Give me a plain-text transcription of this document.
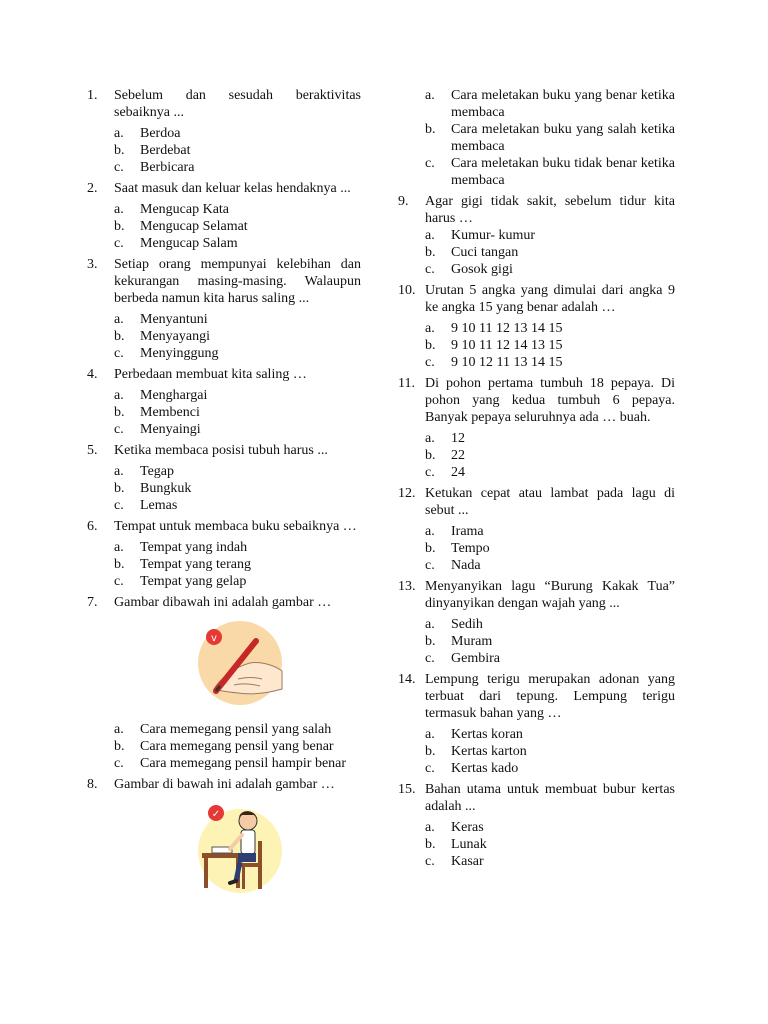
1. Sebelum dan sesudah beraktivitas sebaiknya ...
a. Berdoa
b. Berdebat
c. Berbicara
2. Saat masuk dan keluar kelas hendaknya ...
a. Mengucap Kata
b. Mengucap Selamat
c. Mengucap Salam
3. Setiap orang mempunyai kelebihan dan kekurangan masing-masing. Walaupun berbeda namun kita harus saling ...
a. Menyantuni
b. Menyayangi
c. Menyinggung
4. Perbedaan membuat kita saling …
a. Menghargai
b. Membenci
c. Menyaingi
5. Ketika membaca posisi tubuh harus ...
a. Tegap
b. Bungkuk
c. Lemas
6. Tempat untuk membaca buku sebaiknya …
a. Tempat yang indah
b. Tempat yang terang
c. Tempat yang gelap
7. Gambar dibawah ini adalah gambar …
v
a. Cara memegang pensil yang salah
b. Cara memegang pensil yang benar
c. Cara memegang pensil hampir benar
8. Gambar di bawah ini adalah gambar …
✓
a. Cara meletakan buku yang benar ketika membaca
b. Cara meletakan buku yang salah ketika membaca
c. Cara meletakan buku tidak benar ketika membaca
9. Agar gigi tidak sakit, sebelum tidur kita harus …
a. Kumur- kumur
b. Cuci tangan
c. Gosok gigi
10. Urutan 5 angka yang dimulai dari angka 9 ke angka 15 yang benar adalah …
a. 9 10 11 12 13 14 15
b. 9 10 11 12 14 13 15
c. 9 10 12 11 13 14 15
11. Di pohon pertama tumbuh 18 pepaya. Di pohon yang kedua tumbuh 6 pepaya. Banyak pepaya seluruhnya ada … buah.
a. 12
b. 22
c. 24
12. Ketukan cepat atau lambat pada lagu di sebut ...
a. Irama
b. Tempo
c. Nada
13. Menyanyikan lagu “Burung Kakak Tua” dinyanyikan dengan wajah yang ...
a. Sedih
b. Muram
c. Gembira
14. Lempung terigu merupakan adonan yang terbuat dari tepung. Lempung terigu termasuk bahan yang …
a. Kertas koran
b. Kertas karton
c. Kertas kado
15. Bahan utama untuk membuat bubur kertas adalah ...
a. Keras
b. Lunak
c. Kasar
